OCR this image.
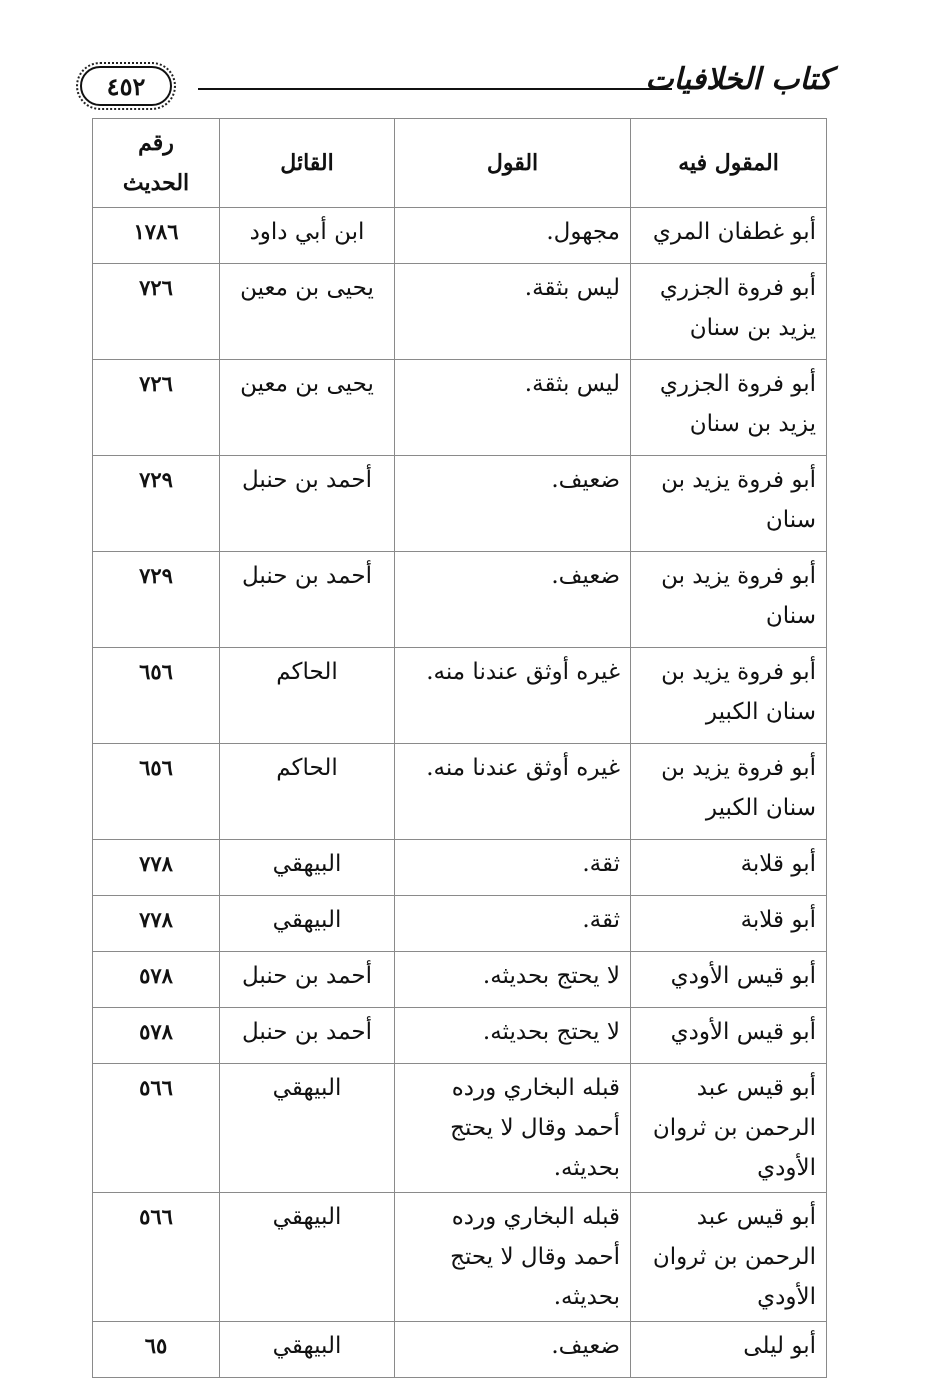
٤٥٢	كتاب الخلافيات
المقول فيه	القول	القائل	رقم الحديث
أبو غطفان المري	مجهول.	ابن أبي داود	١٧٨٦
أبو فروة الجزري يزيد بن سنان	ليس بثقة.	يحيى بن معين	٧٢٦
أبو فروة الجزري يزيد بن سنان	ليس بثقة.	يحيى بن معين	٧٢٦
أبو فروة يزيد بن سنان	ضعيف.	أحمد بن حنبل	٧٢٩
أبو فروة يزيد بن سنان	ضعيف.	أحمد بن حنبل	٧٢٩
أبو فروة يزيد بن سنان الكبير	غيره أوثق عندنا منه.	الحاكم	٦٥٦
أبو فروة يزيد بن سنان الكبير	غيره أوثق عندنا منه.	الحاكم	٦٥٦
أبو قلابة	ثقة.	البيهقي	٧٧٨
أبو قلابة	ثقة.	البيهقي	٧٧٨
أبو قيس الأودي	لا يحتج بحديثه.	أحمد بن حنبل	٥٧٨
أبو قيس الأودي	لا يحتج بحديثه.	أحمد بن حنبل	٥٧٨
أبو قيس عبد الرحمن بن ثروان الأودي	قبله البخاري ورده أحمد وقال لا يحتج بحديثه.	البيهقي	٥٦٦
أبو قيس عبد الرحمن بن ثروان الأودي	قبله البخاري ورده أحمد وقال لا يحتج بحديثه.	البيهقي	٥٦٦
أبو ليلى	ضعيف.	البيهقي	٦٥
